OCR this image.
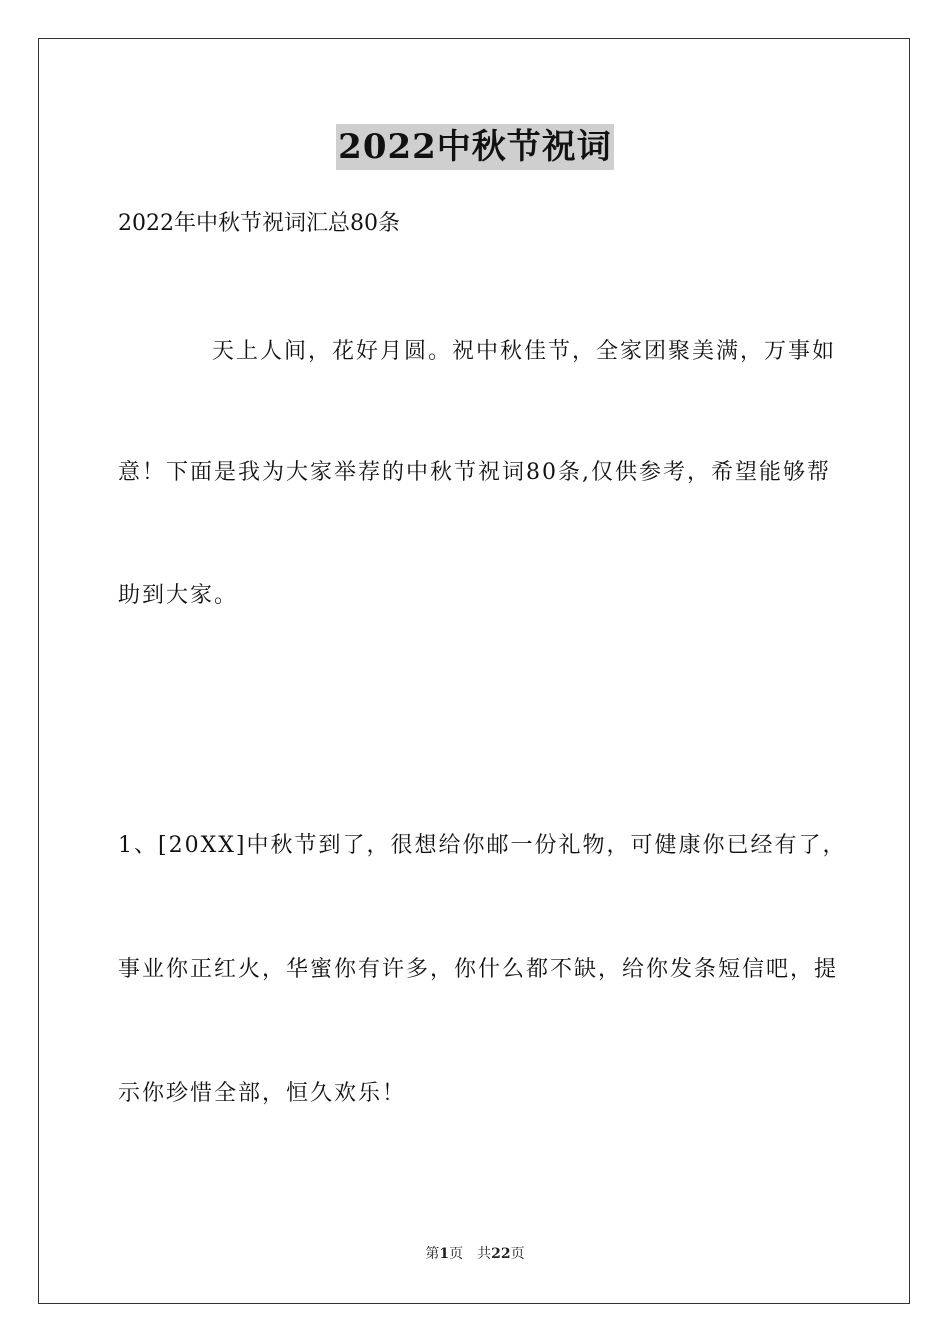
2022中秋节祝词
2022年中秋节祝词汇总80条
天上人间，花好月圆。祝中秋佳节，全家团聚美满，万事如
意！下面是我为大家举荐的中秋节祝词80条,仅供参考，希望能够帮
助到大家。
1、[20XX]中秋节到了，很想给你邮一份礼物，可健康你已经有了，
事业你正红火，华蜜你有许多，你什么都不缺，给你发条短信吧，提
示你珍惜全部，恒久欢乐！
第1页 共22页
